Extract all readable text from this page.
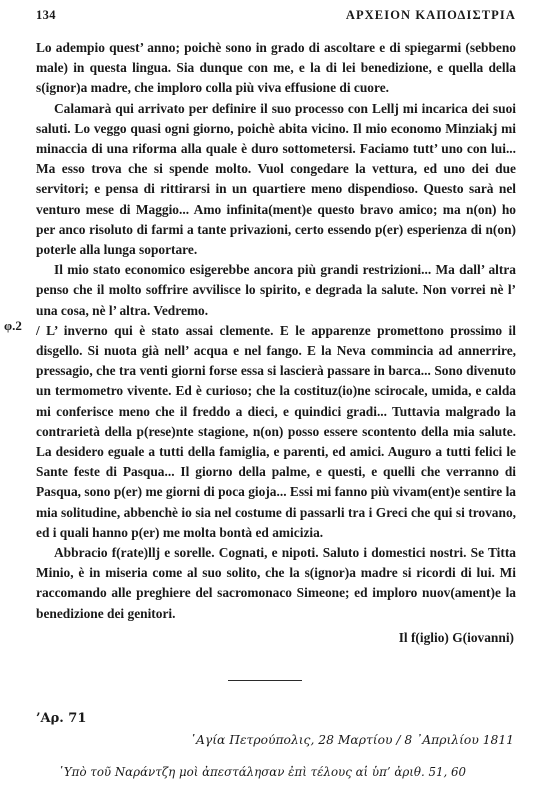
134	ΑΡΧΕΙΟΝ ΚΑΠΟΔΙΣΤΡΙΑ
φ.2

Lo adempio quest’ anno; poichè sono in grado di ascoltare e di spiegarmi (sebbeno male) in questa lingua. Sia dunque con me, e la di lei benedizione, e quella della s(ignor)a madre, che imploro colla più viva effusione di cuore.

Calamarà qui arrivato per definire il suo processo con Lellj mi incarica dei suoi saluti. Lo veggo quasi ogni giorno, poichè abita vicino. Il mio economo Minziakj mi minaccia di una riforma alla quale è duro sottometersi. Faciamo tutt’ uno con lui... Ma esso trova che si spende molto. Vuol congedare la vettura, ed uno dei due servitori; e pensa di rittirarsi in un quartiere meno dispendioso. Questo sarà nel venturo mese di Maggio... Amo infinita(ment)e questo bravo amico; ma n(on) ho per anco risoluto di farmi a tante privazioni, certo essendo p(er) esperienza di n(on) poterle alla lunga soportare.

Il mio stato economico esigerebbe ancora più grandi restrizioni... Ma dall’ altra penso che il molto soffrire avvilisce lo spirito, e degrada la salute. Non vorrei nè l’ una cosa, nè l’ altra. Vedremo.

/ L’ inverno qui è stato assai clemente. E le apparenze promettono prossimo il disgello. Si nuota già nell’ acqua e nel fango. E la Neva commincia ad annerrire, pressagio, che tra venti giorni forse essa si lascierà passare in barca... Sono divenuto un termometro vivente. Ed è curioso; che la costituz(io)ne scirocale, umida, e calda mi conferisce meno che il freddo a dieci, e quindici gradi... Tuttavia malgrado la contrarietà della p(rese)nte stagione, n(on) posso essere scontento della mia salute. La desidero eguale a tutti della famiglia, e parenti, ed amici. Auguro a tutti felici le Sante feste di Pasqua... Il giorno della palme, e questi, e quelli che verranno di Pasqua, sono p(er) me giorni di poca gioja... Essi mi fanno più vivam(ent)e sentire la mia solitudine, abbenchè io sia nel costume di passarli tra i Greci che qui si trovano, ed i quali hanno p(er) me molta bontà ed amicizia.

Abbracio f(rate)llj e sorelle. Cognati, e nipoti. Saluto i domestici nostri. Se Titta Minio, è in miseria come al suo solito, che la s(ignor)a madre si ricordi di lui. Mi raccomando alle preghiere del sacromonaco Simeone; ed imploro nuov(ament)e la benedizione dei genitori.

Il f(iglio) G(iovanni)
’Αρ. 71
῾Αγία Πετρούπολις, 28 Μαρτίου / 8 ᾿Απριλίου 1811
῾Υπὸ τοῦ Ναράντζη μοὶ ἀπεστάλησαν ἐπὶ τέλους αἱ ὑπ’ ἀριθ. 51, 60
